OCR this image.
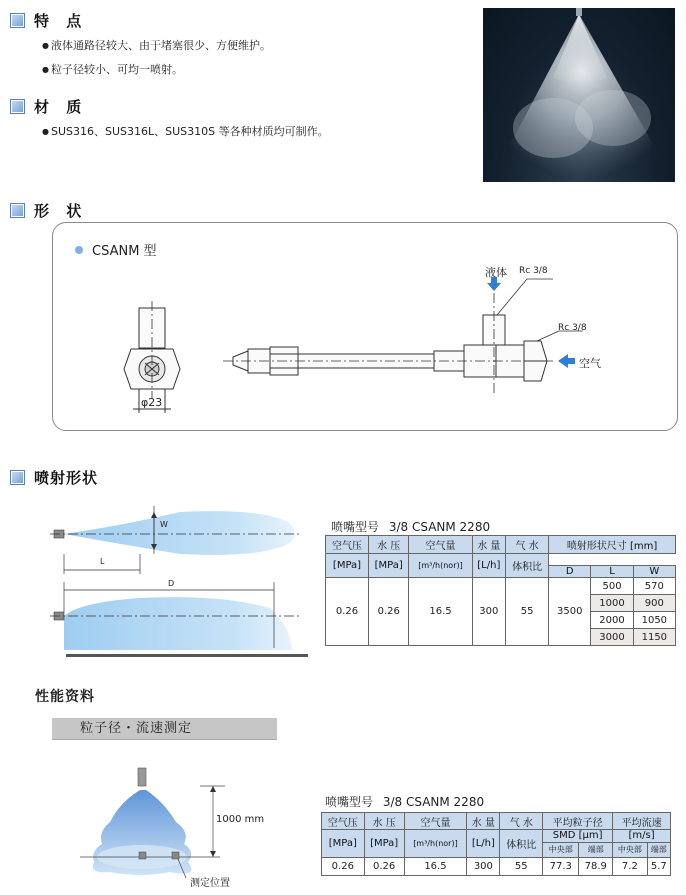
特 点
● 液体通路径较大、由于堵塞很少、方便维护。
● 粒子径较小、可均一喷射。
材 质
● SUS316、SUS316L、SUS310S 等各种材质均可制作。
形 状
CSANM 型
液体 Rc 3/8
Rc 3/8
空气
φ23
喷射形状
W
L
D
喷嘴型号 3/8 CSANM 2280
空气压	水 压	空气量	水 量	气 水	喷射形状尺寸 [mm]		
[MPa]	[MPa]	[m³/h(nor)]	[L/h]	体积比		
					D	L	W
0.26	0.26	16.5	300	55	3500	500	570
						1000	900
						2000	1050
						3000	1150
性能资料
粒子径・流速测定
1000 mm
测定位置
喷嘴型号 3/8 CSANM 2280
空气压	水 压	空气量	水 量	气 水	平均粒子径		平均流速	
[MPa]	[MPa]	[m³/h(nor)]	[L/h]	体积比	SMD [μm]		[m/s]	
					中央部	端部	中央部	端部
0.26	0.26	16.5	300	55	77.3	78.9	7.2	5.7
